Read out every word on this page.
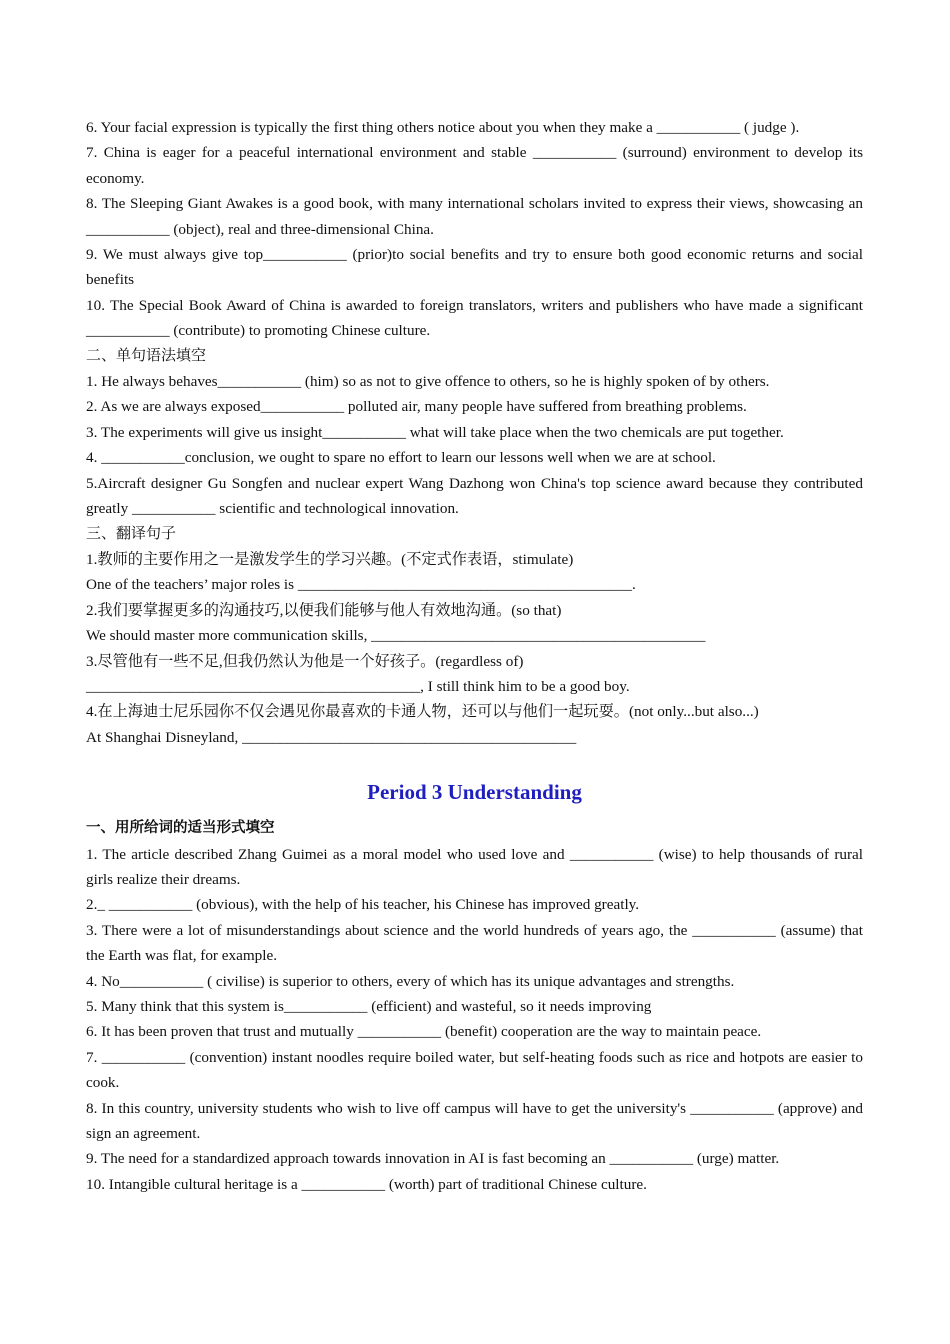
6. Your facial expression is typically the first thing others notice about you when they make a ___________ ( judge ).

7. China is eager for a peaceful international environment and stable ___________ (surround) environment to develop its economy.

8. The Sleeping Giant Awakes is a good book, with many international scholars invited to express their views, showcasing an ___________ (object), real and three-dimensional China.

9. We must always give top___________ (prior)to social benefits and try to ensure both good economic returns and social benefits

10. The Special Book Award of China is awarded to foreign translators, writers and publishers who have made a significant ___________ (contribute) to promoting Chinese culture.

二、单句语法填空

1. He always behaves___________ (him) so as not to give offence to others, so he is highly spoken of by others.

2. As we are always exposed___________ polluted air, many people have suffered from breathing problems.

3. The experiments will give us insight___________ what will take place when the two chemicals are put together.

4. ___________conclusion, we ought to spare no effort to learn our lessons well when we are at school.

5.Aircraft designer Gu Songfen and nuclear expert Wang Dazhong won China's top science award because they contributed greatly ___________ scientific and technological innovation.

三、翻译句子

1.教师的主要作用之一是激发学生的学习兴趣。(不定式作表语，stimulate)

One of the teachers’ major roles is ____________________________________________.

2.我们要掌握更多的沟通技巧,以便我们能够与他人有效地沟通。(so that)

We should master more communication skills, ____________________________________________

3.尽管他有一些不足,但我仍然认为他是一个好孩子。(regardless of)

____________________________________________, I still think him to be a good boy.

4.在上海迪士尼乐园你不仅会遇见你最喜欢的卡通人物，还可以与他们一起玩耍。(not only...but also...)

At Shanghai Disneyland, ____________________________________________

Period 3 Understanding

一、用所给词的适当形式填空

1. The article described Zhang Guimei as a moral model who used love and ___________ (wise) to help thousands of rural girls realize their dreams.

2._ ___________ (obvious), with the help of his teacher, his Chinese has improved greatly.

3. There were a lot of misunderstandings about science and the world hundreds of years ago, the ___________ (assume) that the Earth was flat, for example.

4. No___________ ( civilise) is superior to others, every of which has its unique advantages and strengths.

5. Many think that this system is___________ (efficient) and wasteful, so it needs improving

6. It has been proven that trust and mutually ___________ (benefit) cooperation are the way to maintain peace.

7. ___________ (convention) instant noodles require boiled water, but self-heating foods such as rice and hotpots are easier to cook.

8. In this country, university students who wish to live off campus will have to get the university's ___________ (approve) and sign an agreement.

9. The need for a standardized approach towards innovation in AI is fast becoming an ___________ (urge) matter.

10. Intangible cultural heritage is a ___________ (worth) part of traditional Chinese culture.
